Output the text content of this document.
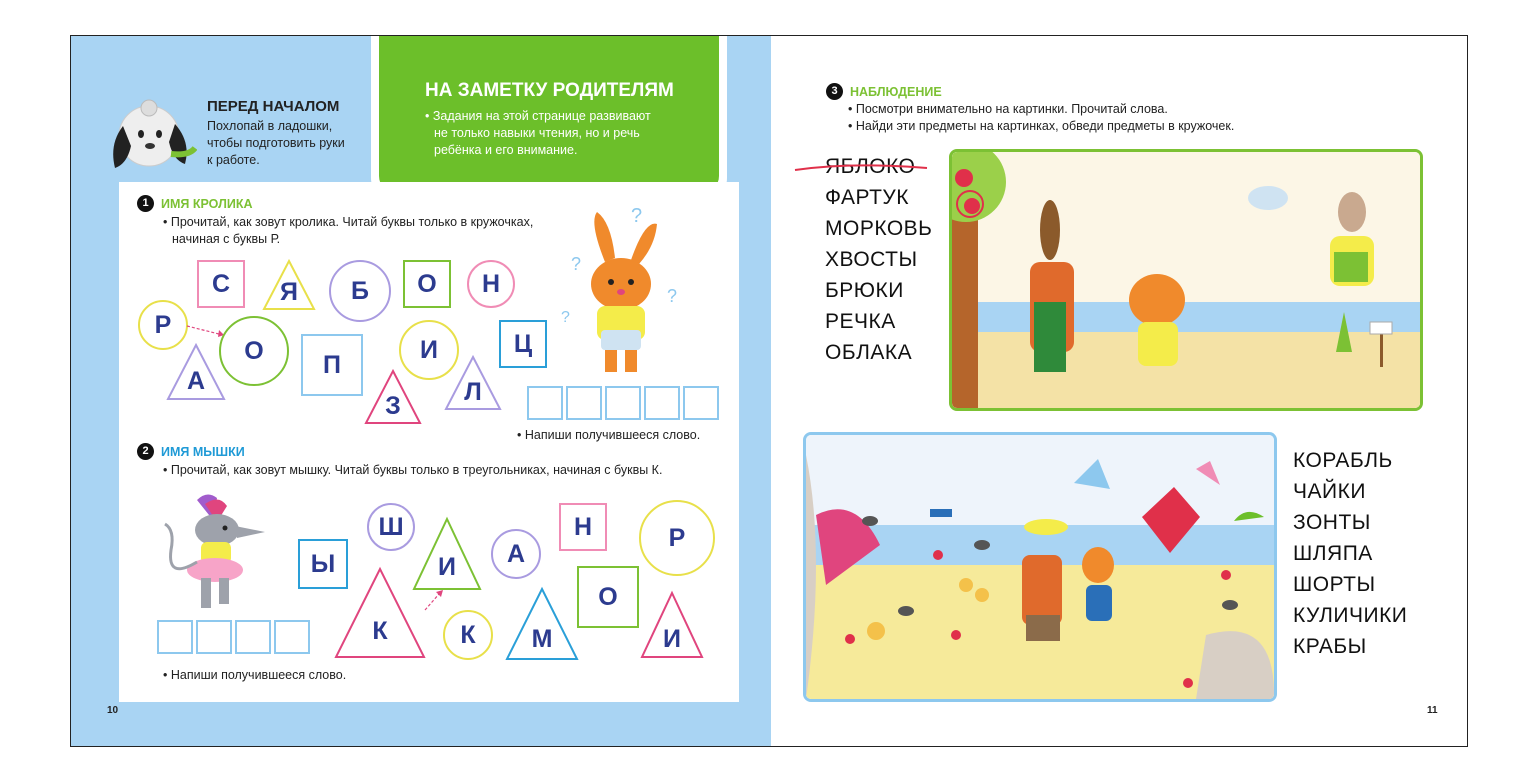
ПЕРЕД НАЧАЛОМ
Похлопай в ладошки,
чтобы подготовить руки
к работе.
НА ЗАМЕТКУ РОДИТЕЛЯМ
• Задания на этой странице развивают
не только навыки чтения, но и речь
ребёнка и его внимание.
1 ИМЯ КРОЛИКА
• Прочитай, как зовут кролика. Читай буквы только в кружочках,
начиная с буквы Р.
С	Я	Б	О	Н
Р
О	П
И	Ц
А
З	Л
?
?
?
?
• Напиши получившееся слово.
2 ИМЯ МЫШКИ
• Прочитай, как зовут мышку. Читай буквы только в треугольниках, начиная с буквы К.
Ш	Н
Ы	И	А
Р
К	К	М
О
И
• Напиши получившееся слово.
10
3 НАБЛЮДЕНИЕ
• Посмотри внимательно на картинки. Прочитай слова.
• Найди эти предметы на картинках, обведи предметы в кружочек.
ЯБЛОКО
ФАРТУК
МОРКОВЬ
ХВОСТЫ
БРЮКИ
РЕЧКА
ОБЛАКА
КОРАБЛЬ
ЧАЙКИ
ЗОНТЫ
ШЛЯПА
ШОРТЫ
КУЛИЧИКИ
КРАБЫ
11
